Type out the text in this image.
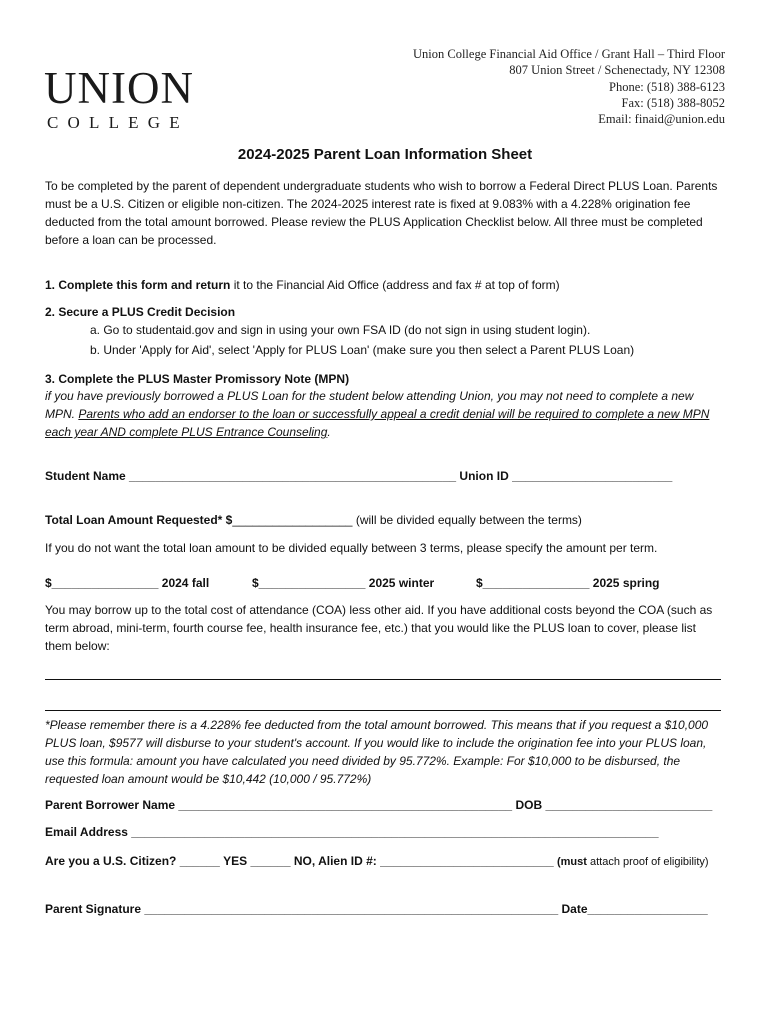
UNION
COLLEGE
Union College Financial Aid Office / Grant Hall – Third Floor
807 Union Street / Schenectady, NY 12308
Phone: (518) 388-6123
Fax: (518) 388-8052
Email: finaid@union.edu
2024-2025 Parent Loan Information Sheet
To be completed by the parent of dependent undergraduate students who wish to borrow a Federal Direct PLUS Loan. Parents must be a U.S. Citizen or eligible non-citizen. The 2024-2025 interest rate is fixed at 9.083% with a 4.228% origination fee deducted from the total amount borrowed. Please review the PLUS Application Checklist below. All three must be completed before a loan can be processed.
1. Complete this form and return it to the Financial Aid Office (address and fax # at top of form)
2. Secure a PLUS Credit Decision
a. Go to studentaid.gov and sign in using your own FSA ID (do not sign in using student login).
b. Under 'Apply for Aid', select 'Apply for PLUS Loan' (make sure you then select a Parent PLUS Loan)
3. Complete the PLUS Master Promissory Note (MPN)
if you have previously borrowed a PLUS Loan for the student below attending Union, you may not need to complete a new MPN. Parents who add an endorser to the loan or successfully appeal a credit denial will be required to complete a new MPN each year AND complete PLUS Entrance Counseling.
Student Name _________________________________________________ Union ID ________________________
Total Loan Amount Requested* $__________________ (will be divided equally between the terms)
If you do not want the total loan amount to be divided equally between 3 terms, please specify the amount per term.
$________________ 2024 fall	$________________ 2025 winter	$________________ 2025 spring
You may borrow up to the total cost of attendance (COA) less other aid. If you have additional costs beyond the COA (such as term abroad, mini-term, fourth course fee, health insurance fee, etc.) that you would like the PLUS loan to cover, please list them below:
*Please remember there is a 4.228% fee deducted from the total amount borrowed. This means that if you request a $10,000 PLUS loan, $9577 will disburse to your student's account. If you would like to include the origination fee into your PLUS loan, use this formula: amount you have calculated you need divided by 95.772%. Example: For $10,000 to be disbursed, the requested loan amount would be $10,442 (10,000 / 95.772%)
Parent Borrower Name __________________________________________________ DOB _________________________
Email Address _______________________________________________________________________________
Are you a U.S. Citizen? ______ YES ______ NO, Alien ID #: __________________________ (must attach proof of eligibility)
Parent Signature ______________________________________________________________ Date__________________
